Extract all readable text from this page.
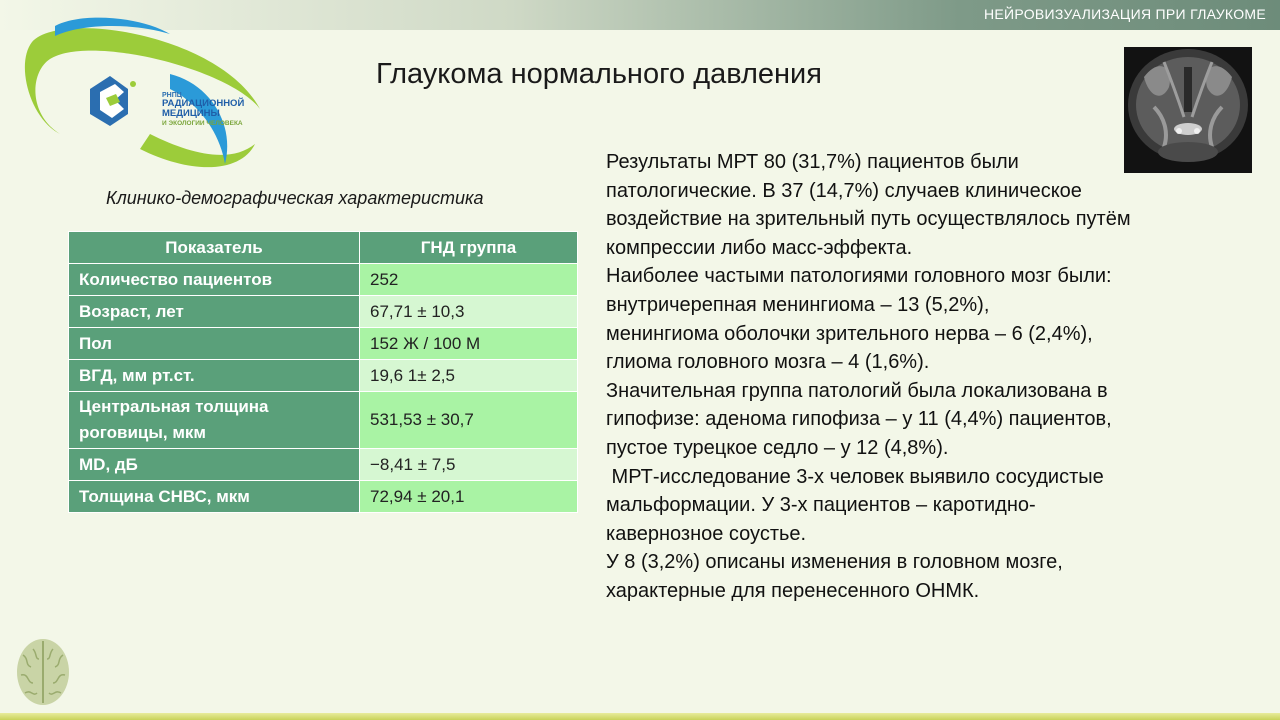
НЕЙРОВИЗУАЛИЗАЦИЯ ПРИ ГЛАУКОМЕ
РНПЦ
РАДИАЦИОННОЙ
МЕДИЦИНЫ
И ЭКОЛОГИИ ЧЕЛОВЕКА
Глаукома нормального давления
Клинико-демографическая характеристика
Показатель	ГНД группа
Количество пациентов	252
Возраст, лет	67,71 ± 10,3
Пол	152 Ж / 100 М
ВГД, мм рт.ст.	19,6 1± 2,5
Центральная толщина роговицы, мкм	531,53 ± 30,7
MD, дБ	−8,41 ± 7,5
Толщина СНВС, мкм	72,94 ± 20,1

Результаты МРТ 80 (31,7%) пациентов были

патологические. В 37 (14,7%) случаев клиническое

воздействие на зрительный путь осуществлялось путём

компрессии либо масс-эффекта.

Наиболее частыми патологиями головного мозг были:

внутричерепная менингиома – 13 (5,2%),

менингиома оболочки зрительного нерва – 6 (2,4%),

глиома головного мозга – 4 (1,6%).

Значительная группа патологий была локализована в

гипофизе: аденома гипофиза – у 11 (4,4%) пациентов,

пустое турецкое седло – у 12 (4,8%).

МРТ-исследование 3-х человек выявило сосудистые

мальформации. У 3-х пациентов – каротидно-

кавернозное соустье.

У 8 (3,2%) описаны изменения в головном мозге,

характерные для перенесенного ОНМК.
